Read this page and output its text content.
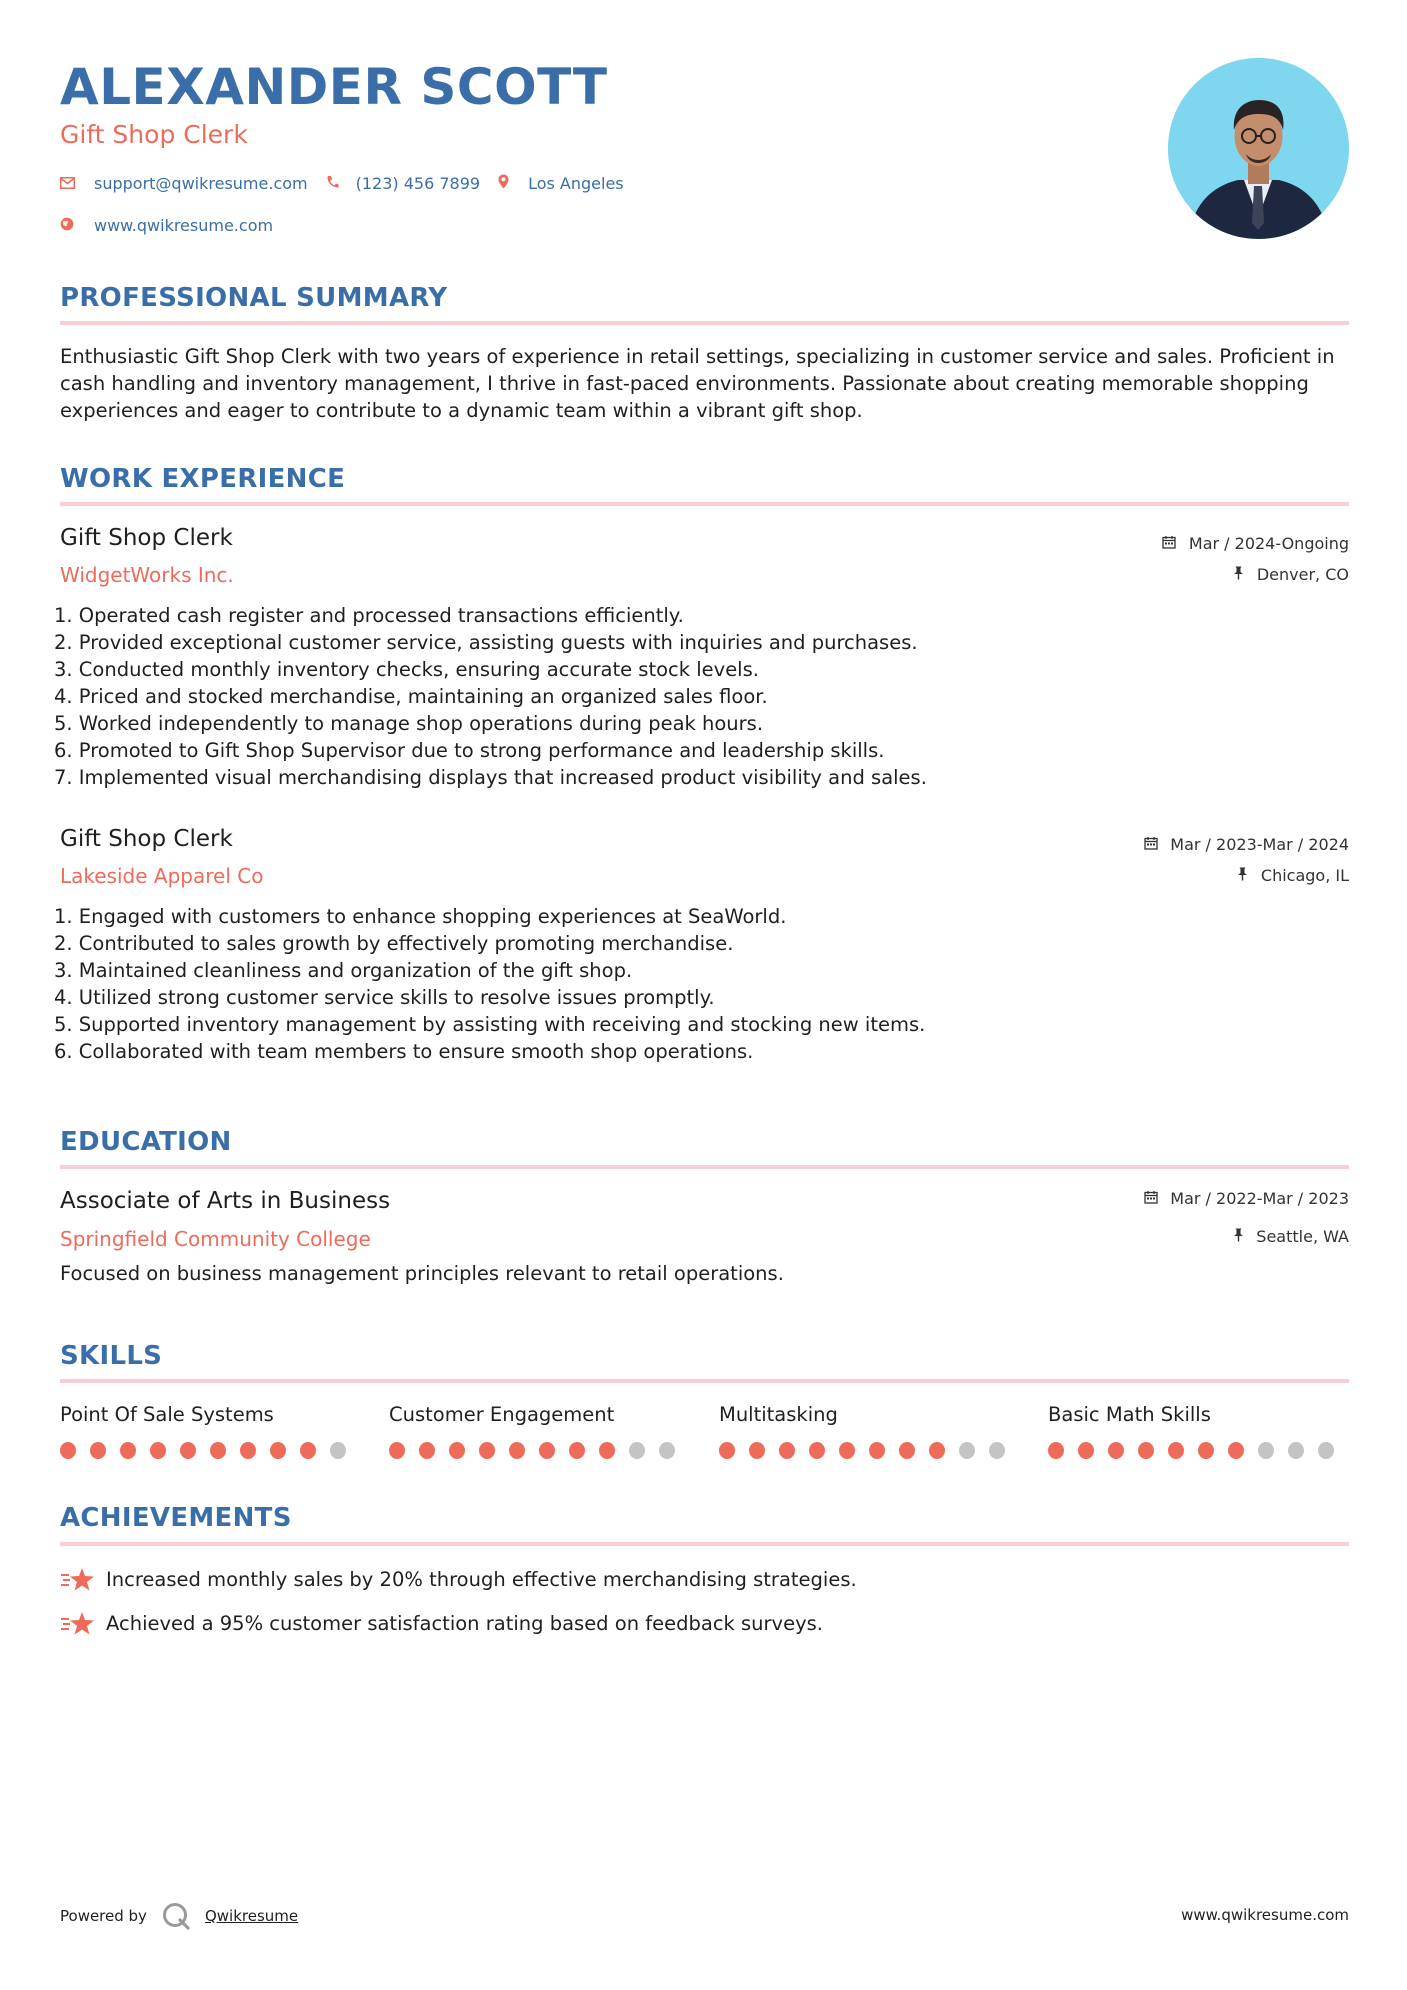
ALEXANDER SCOTT
Gift Shop Clerk
support@qwikresume.com	(123) 456 7899	Los Angeles
www.qwikresume.com
PROFESSIONAL SUMMARY
Enthusiastic Gift Shop Clerk with two years of experience in retail settings, specializing in customer service and sales. Proficient in cash handling and inventory management, I thrive in fast-paced environments. Passionate about creating memorable shopping experiences and eager to contribute to a dynamic team within a vibrant gift shop.
WORK EXPERIENCE
Gift Shop Clerk
WidgetWorks Inc.
Mar / 2024-Ongoing
Denver, CO
1. Operated cash register and processed transactions efficiently.
2. Provided exceptional customer service, assisting guests with inquiries and purchases.
3. Conducted monthly inventory checks, ensuring accurate stock levels.
4. Priced and stocked merchandise, maintaining an organized sales floor.
5. Worked independently to manage shop operations during peak hours.
6. Promoted to Gift Shop Supervisor due to strong performance and leadership skills.
7. Implemented visual merchandising displays that increased product visibility and sales.
Gift Shop Clerk
Lakeside Apparel Co
Mar / 2023-Mar / 2024
Chicago, IL
1. Engaged with customers to enhance shopping experiences at SeaWorld.
2. Contributed to sales growth by effectively promoting merchandise.
3. Maintained cleanliness and organization of the gift shop.
4. Utilized strong customer service skills to resolve issues promptly.
5. Supported inventory management by assisting with receiving and stocking new items.
6. Collaborated with team members to ensure smooth shop operations.
EDUCATION
Associate of Arts in Business
Springfield Community College
Mar / 2022-Mar / 2023
Seattle, WA
Focused on business management principles relevant to retail operations.
SKILLS
Point Of Sale Systems	Customer Engagement	Multitasking	Basic Math Skills
ACHIEVEMENTS
Increased monthly sales by 20% through effective merchandising strategies.
Achieved a 95% customer satisfaction rating based on feedback surveys.
Powered by	Qwikresume	www.qwikresume.com
